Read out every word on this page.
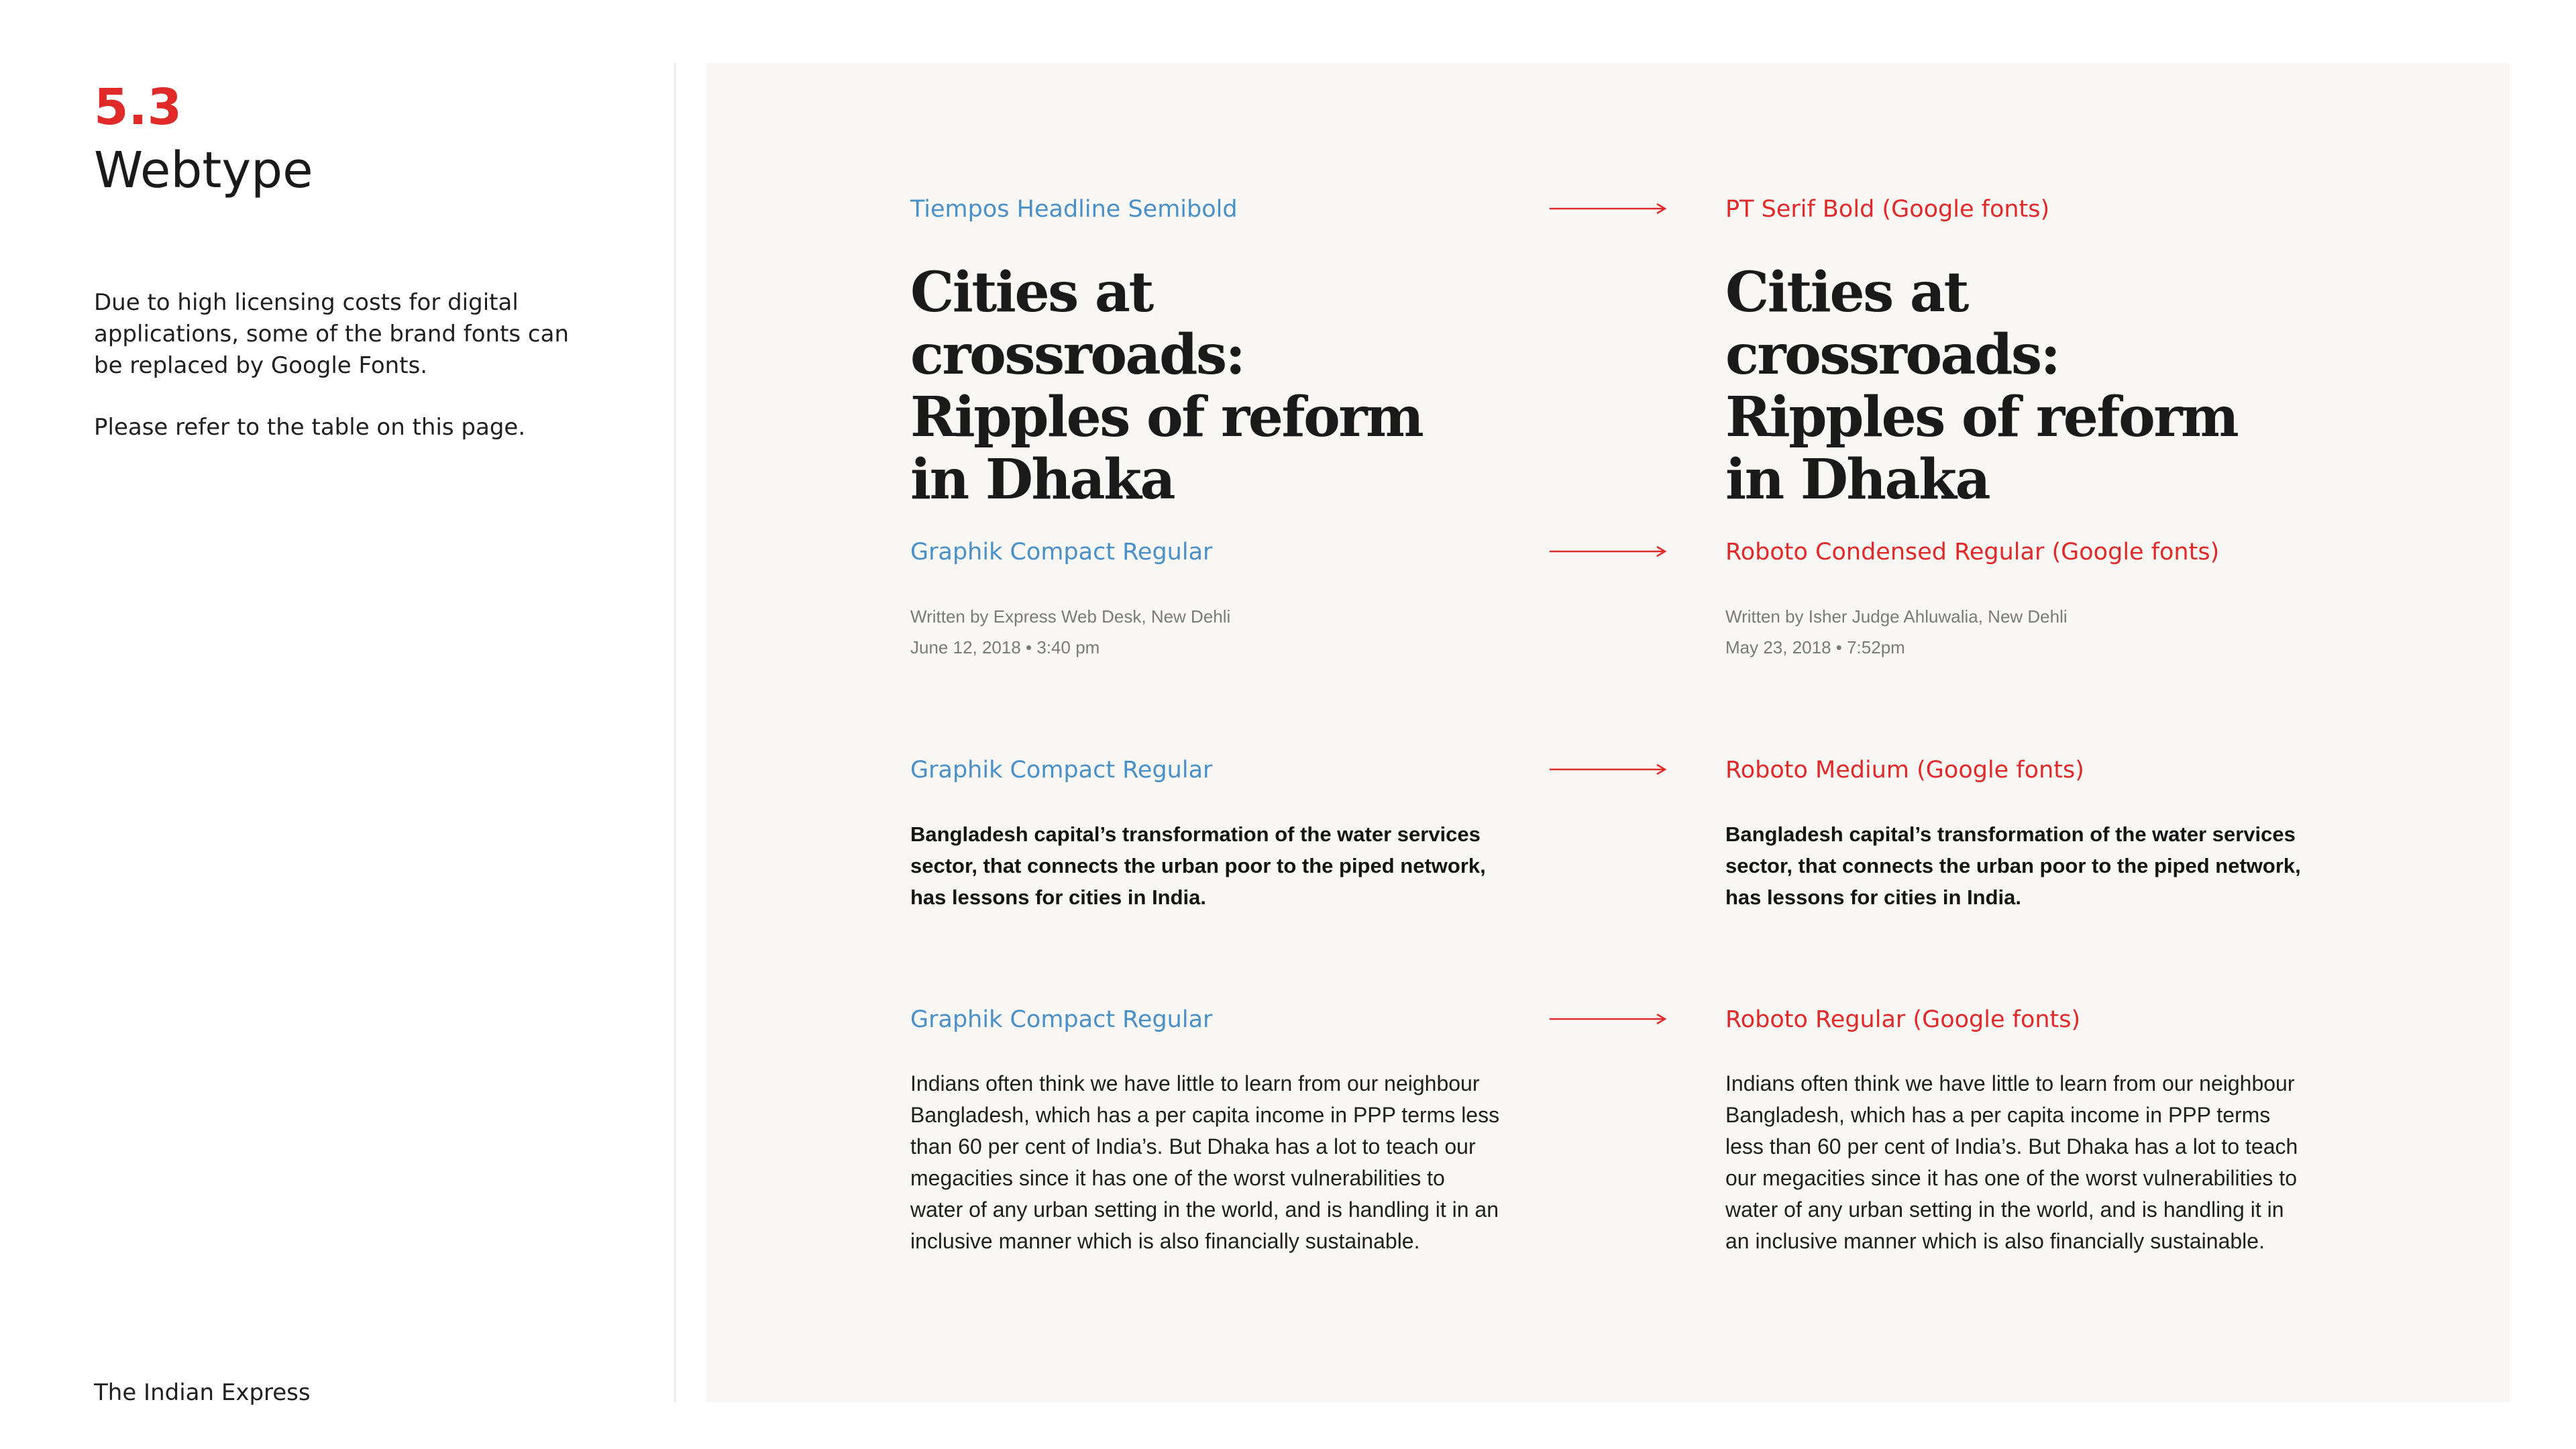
5.3
Webtype

Due to high licensing costs for digital applications, some of the brand fonts can be replaced by Google Fonts.

Please refer to the table on this page.

The Indian Express

Tiempos Headline Semibold	PT Serif Bold (Google fonts)

Cities at crossroads: Ripples of reform in Dhaka

Cities at crossroads: Ripples of reform in Dhaka

Graphik Compact Regular	Roboto Condensed Regular (Google fonts)

Written by Express Web Desk, New Dehli

June 12, 2018 • 3:40 pm

Written by Isher Judge Ahluwalia, New Dehli

May 23, 2018 • 7:52pm

Graphik Compact Regular	Roboto Medium (Google fonts)

Bangladesh capital’s transformation of the water services sector, that connects the urban poor to the piped network, has lessons for cities in India.

Bangladesh capital’s transformation of the water services sector, that connects the urban poor to the piped network, has lessons for cities in India.

Graphik Compact Regular	Roboto Regular (Google fonts)

Indians often think we have little to learn from our neighbour Bangladesh, which has a per capita income in PPP terms less than 60 per cent of India’s. But Dhaka has a lot to teach our megacities since it has one of the worst vulnerabilities to water of any urban setting in the world, and is handling it in an inclusive manner which is also financially sustainable.

Indians often think we have little to learn from our neighbour Bangladesh, which has a per capita income in PPP terms less than 60 per cent of India’s. But Dhaka has a lot to teach our megacities since it has one of the worst vulnerabilities to water of any urban setting in the world, and is handling it in an inclusive manner which is also financially sustainable.
